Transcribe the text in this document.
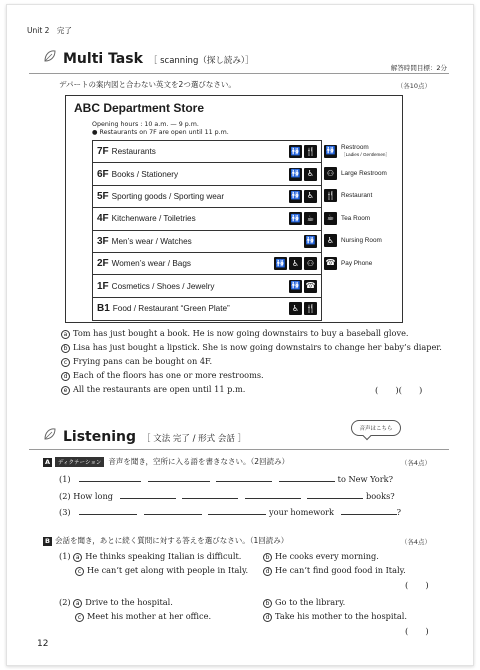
Unit 2　完了
Multi Task ［ scanning（探し読み）］
解答時間目標：2分
デパートの案内図と合わない英文を2つ選びなさい。	（各10点）
ABC Department Store
Opening hours : 10 a.m. — 9 p.m.
● Restaurants on 7F are open until 11 p.m.
7F Restaurants	🚻 🍴
6F Books / Stationery	🚻 ♿
5F Sporting goods / Sporting wear	🚻 ♿
4F Kitchenware / Toiletries	🚻 ☕
3F Men’s wear / Watches	🚻
2F Women’s wear / Bags	🚻 ♿ ⚇
1F Cosmetics / Shoes / Jewelry	🚻 ☎
B1 Food / Restaurant “Green Plate”	♿ 🍴
🚻 Restroom
［Ladies / Gentlemen］
⚇	Large Restroom
🍴 Restaurant
☕	Tea Room
♿	Nursing Room
☎ Pay Phone
a Tom has just bought a book. He is now going downstairs to buy a baseball glove.
b Lisa has just bought a lipstick. She is now going downstairs to change her baby’s diaper.
c Frying pans can be bought on 4F.
d Each of the floors has one or more restrooms.
e All the restaurants are open until 11 p.m.	(　　)(　　)
音声はこちら
Listening ［ 文法 完了 / 形式 会話 ］
A ディクテーション 音声を聞き，空所に入る語を書きなさい。（2回読み）	（各4点）
(1)	to New York?
(2) How long	books?
(3)	your homework	?
B 会話を聞き，あとに続く質問に対する答えを選びなさい。（1回読み）	（各4点）
(1) a He thinks speaking Italian is difficult.	b He cooks every morning.
c He can’t get along with people in Italy.	d He can’t find good food in Italy.
(　　)
(2) a Drive to the hospital.	b Go to the library.
c Meet his mother at her office.	d Take his mother to the hospital.
(　　)
12
